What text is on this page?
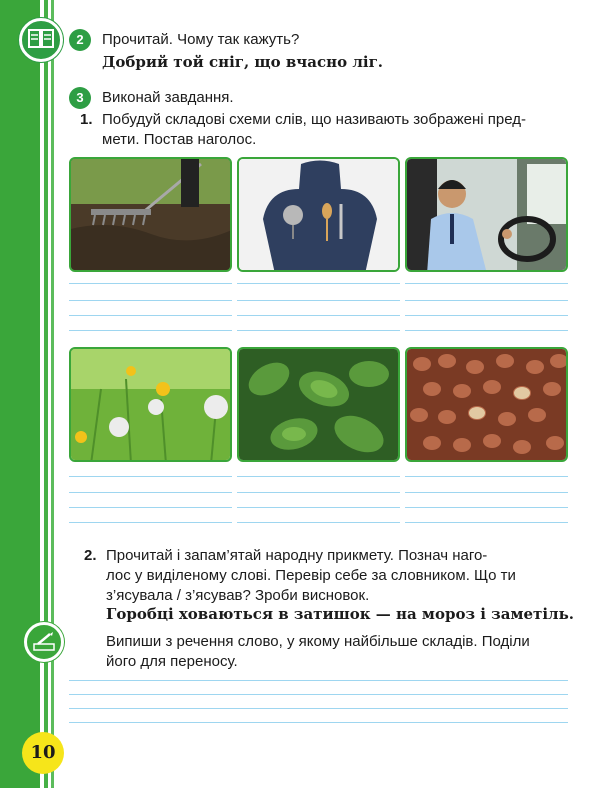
10
2	Прочитай. Чому так кажуть?
Добрий той сніг, що вчасно ліг.
3	Виконай завдання.
1. Побудуй складові схеми слів, що називають зображені пред-
мети. Постав наголос.
2. Прочитай і запам’ятай народну прикмету. Познач наго-
лос у виділеному слові. Перевір себе за словником. Що ти
з’ясувала / з’ясував? Зроби висновок.
Горобці ховаються в затишок — на мороз і заметіль.
Випиши з речення слово, у якому найбільше складів. Поділи
його для переносу.
